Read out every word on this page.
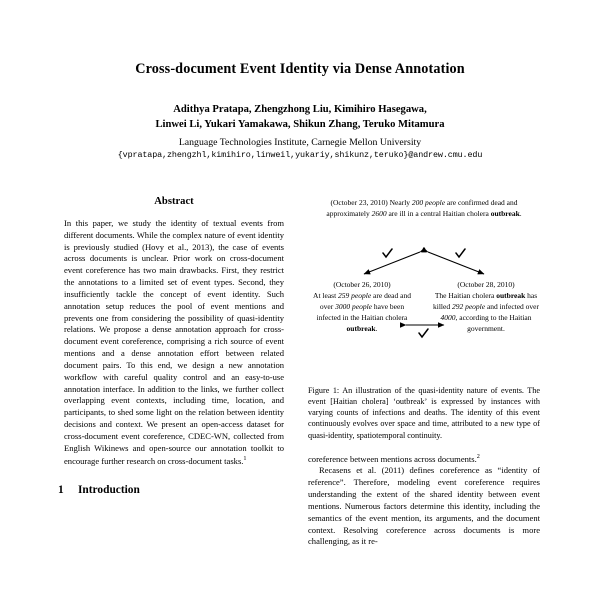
Cross-document Event Identity via Dense Annotation
Adithya Pratapa, Zhengzhong Liu, Kimihiro Hasegawa,
Linwei Li, Yukari Yamakawa, Shikun Zhang, Teruko Mitamura
Language Technologies Institute, Carnegie Mellon University
{vpratapa,zhengzhl,kimihiro,linweil,yukariy,shikunz,teruko}@andrew.cmu.edu
Abstract
In this paper, we study the identity of textual events from different documents. While the complex nature of event identity is previously studied (Hovy et al., 2013), the case of events across documents is unclear. Prior work on cross-document event coreference has two main drawbacks. First, they restrict the annotations to a limited set of event types. Second, they insufficiently tackle the concept of event identity. Such annotation setup reduces the pool of event mentions and prevents one from considering the possibility of quasi-identity relations. We propose a dense annotation approach for cross-document event coreference, comprising a rich source of event mentions and a dense annotation effort between related document pairs. To this end, we design a new annotation workflow with careful quality control and an easy-to-use annotation interface. In addition to the links, we further collect overlapping event contexts, including time, location, and participants, to shed some light on the relation between identity decisions and context. We present an open-access dataset for cross-document event coreference, CDEC-WN, collected from English Wikinews and open-source our annotation toolkit to encourage further research on cross-document tasks.$^1$
1	Introduction
(October 23, 2010) Nearly 200 people are confirmed dead and approximately 2600 are ill in a central Haitian cholera outbreak.
(October 26, 2010)
At least 259 people are dead and over 3000 people have been infected in the Haitian cholera outbreak.
(October 28, 2010)
The Haitian cholera outbreak has killed 292 people and infected over 4000, according to the Haitian government.
Figure 1: An illustration of the quasi-identity nature of events. The event [Haitian cholera] ‘outbreak’ is expressed by instances with varying counts of infections and deaths. The identity of this event continuously evolves over space and time, attributed to a new type of quasi-identity, spatiotemporal continuity.

coreference between mentions across documents.$^2$

Recasens et al. (2011) defines coreference as “identity of reference”. Therefore, modeling event coreference requires understanding the extent of the shared identity between event mentions. Numerous factors determine this identity, including the semantics of the event mention, its arguments, and the document context. Resolving coreference across documents is more challenging, as it re-
